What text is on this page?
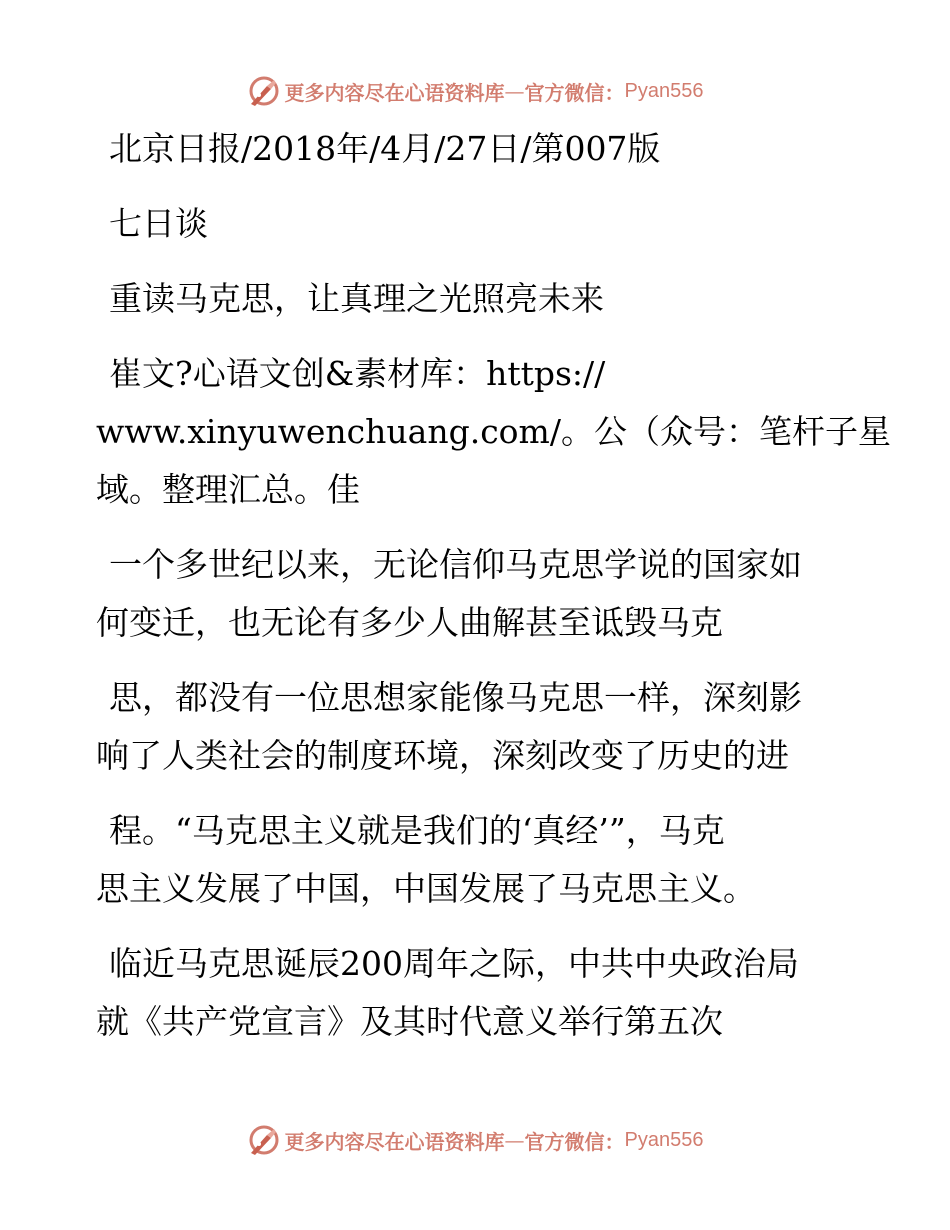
更多内容尽在心语资料库 — 官方微信： Pyan556

北京日报/2018年/4月/27日/第007版

七日谈

重读马克思，让真理之光照亮未来

崔文?心语文创&素材库：https://

www.xinyuwenchuang.com/。公（众号：笔杆子星

域。整理汇总。佳

一个多世纪以来，无论信仰马克思学说的国家如

何变迁，也无论有多少人曲解甚至诋毁马克

思，都没有一位思想家能像马克思一样，深刻影

响了人类社会的制度环境，深刻改变了历史的进

程。“马克思主义就是我们的‘真经’”，马克

思主义发展了中国，中国发展了马克思主义。

临近马克思诞辰200周年之际，中共中央政治局

就《共产党宣言》及其时代意义举行第五次

更多内容尽在心语资料库 — 官方微信： Pyan556
